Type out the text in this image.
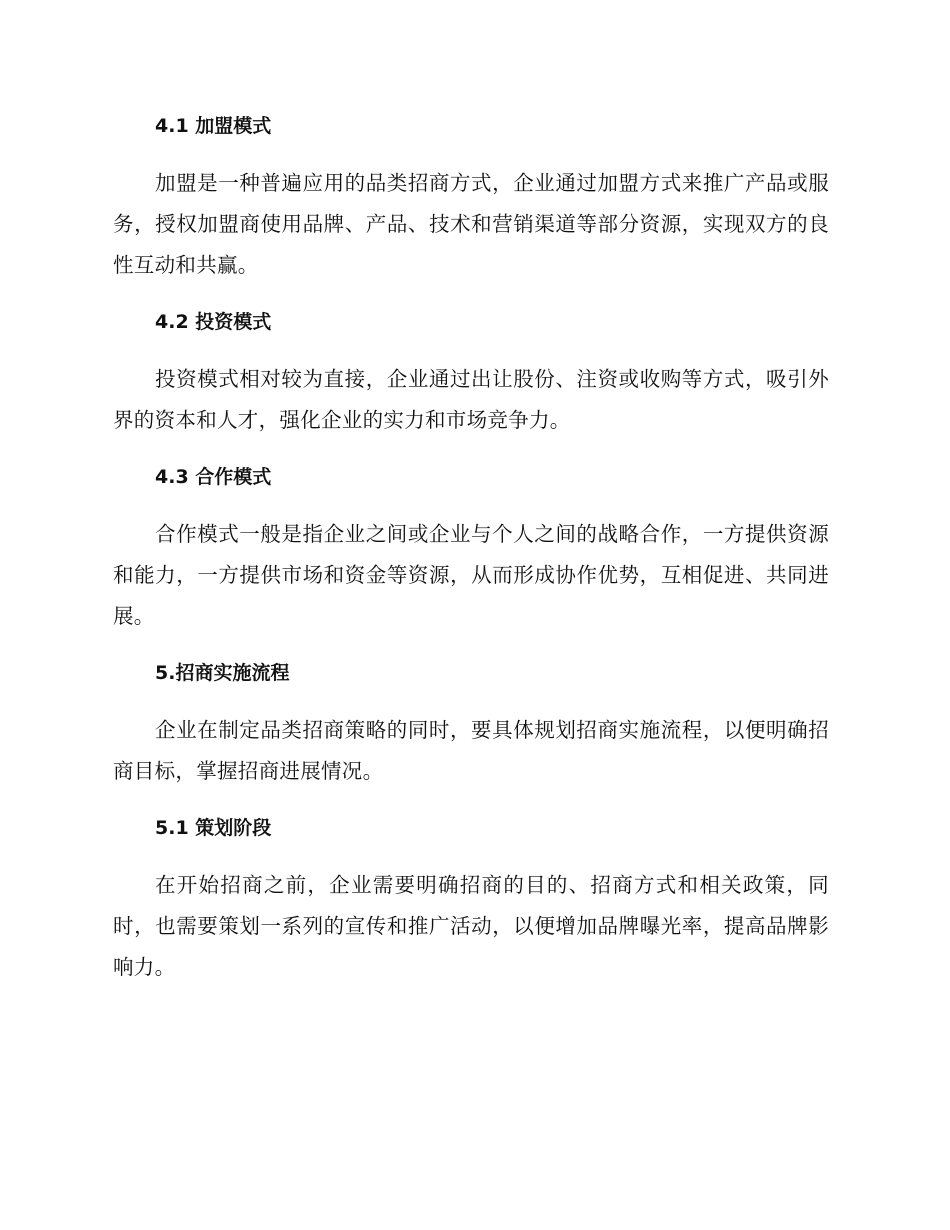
4.1 加盟模式

加盟是一种普遍应用的品类招商方式，企业通过加盟方式来推广产品或服务，授权加盟商使用品牌、产品、技术和营销渠道等部分资源，实现双方的良性互动和共赢。

4.2 投资模式

投资模式相对较为直接，企业通过出让股份、注资或收购等方式，吸引外界的资本和人才，强化企业的实力和市场竞争力。

4.3 合作模式

合作模式一般是指企业之间或企业与个人之间的战略合作，一方提供资源和能力，一方提供市场和资金等资源，从而形成协作优势，互相促进、共同进展。

5.招商实施流程

企业在制定品类招商策略的同时，要具体规划招商实施流程，以便明确招商目标，掌握招商进展情况。

5.1 策划阶段

在开始招商之前，企业需要明确招商的目的、招商方式和相关政策，同时，也需要策划一系列的宣传和推广活动，以便增加品牌曝光率，提高品牌影响力。
